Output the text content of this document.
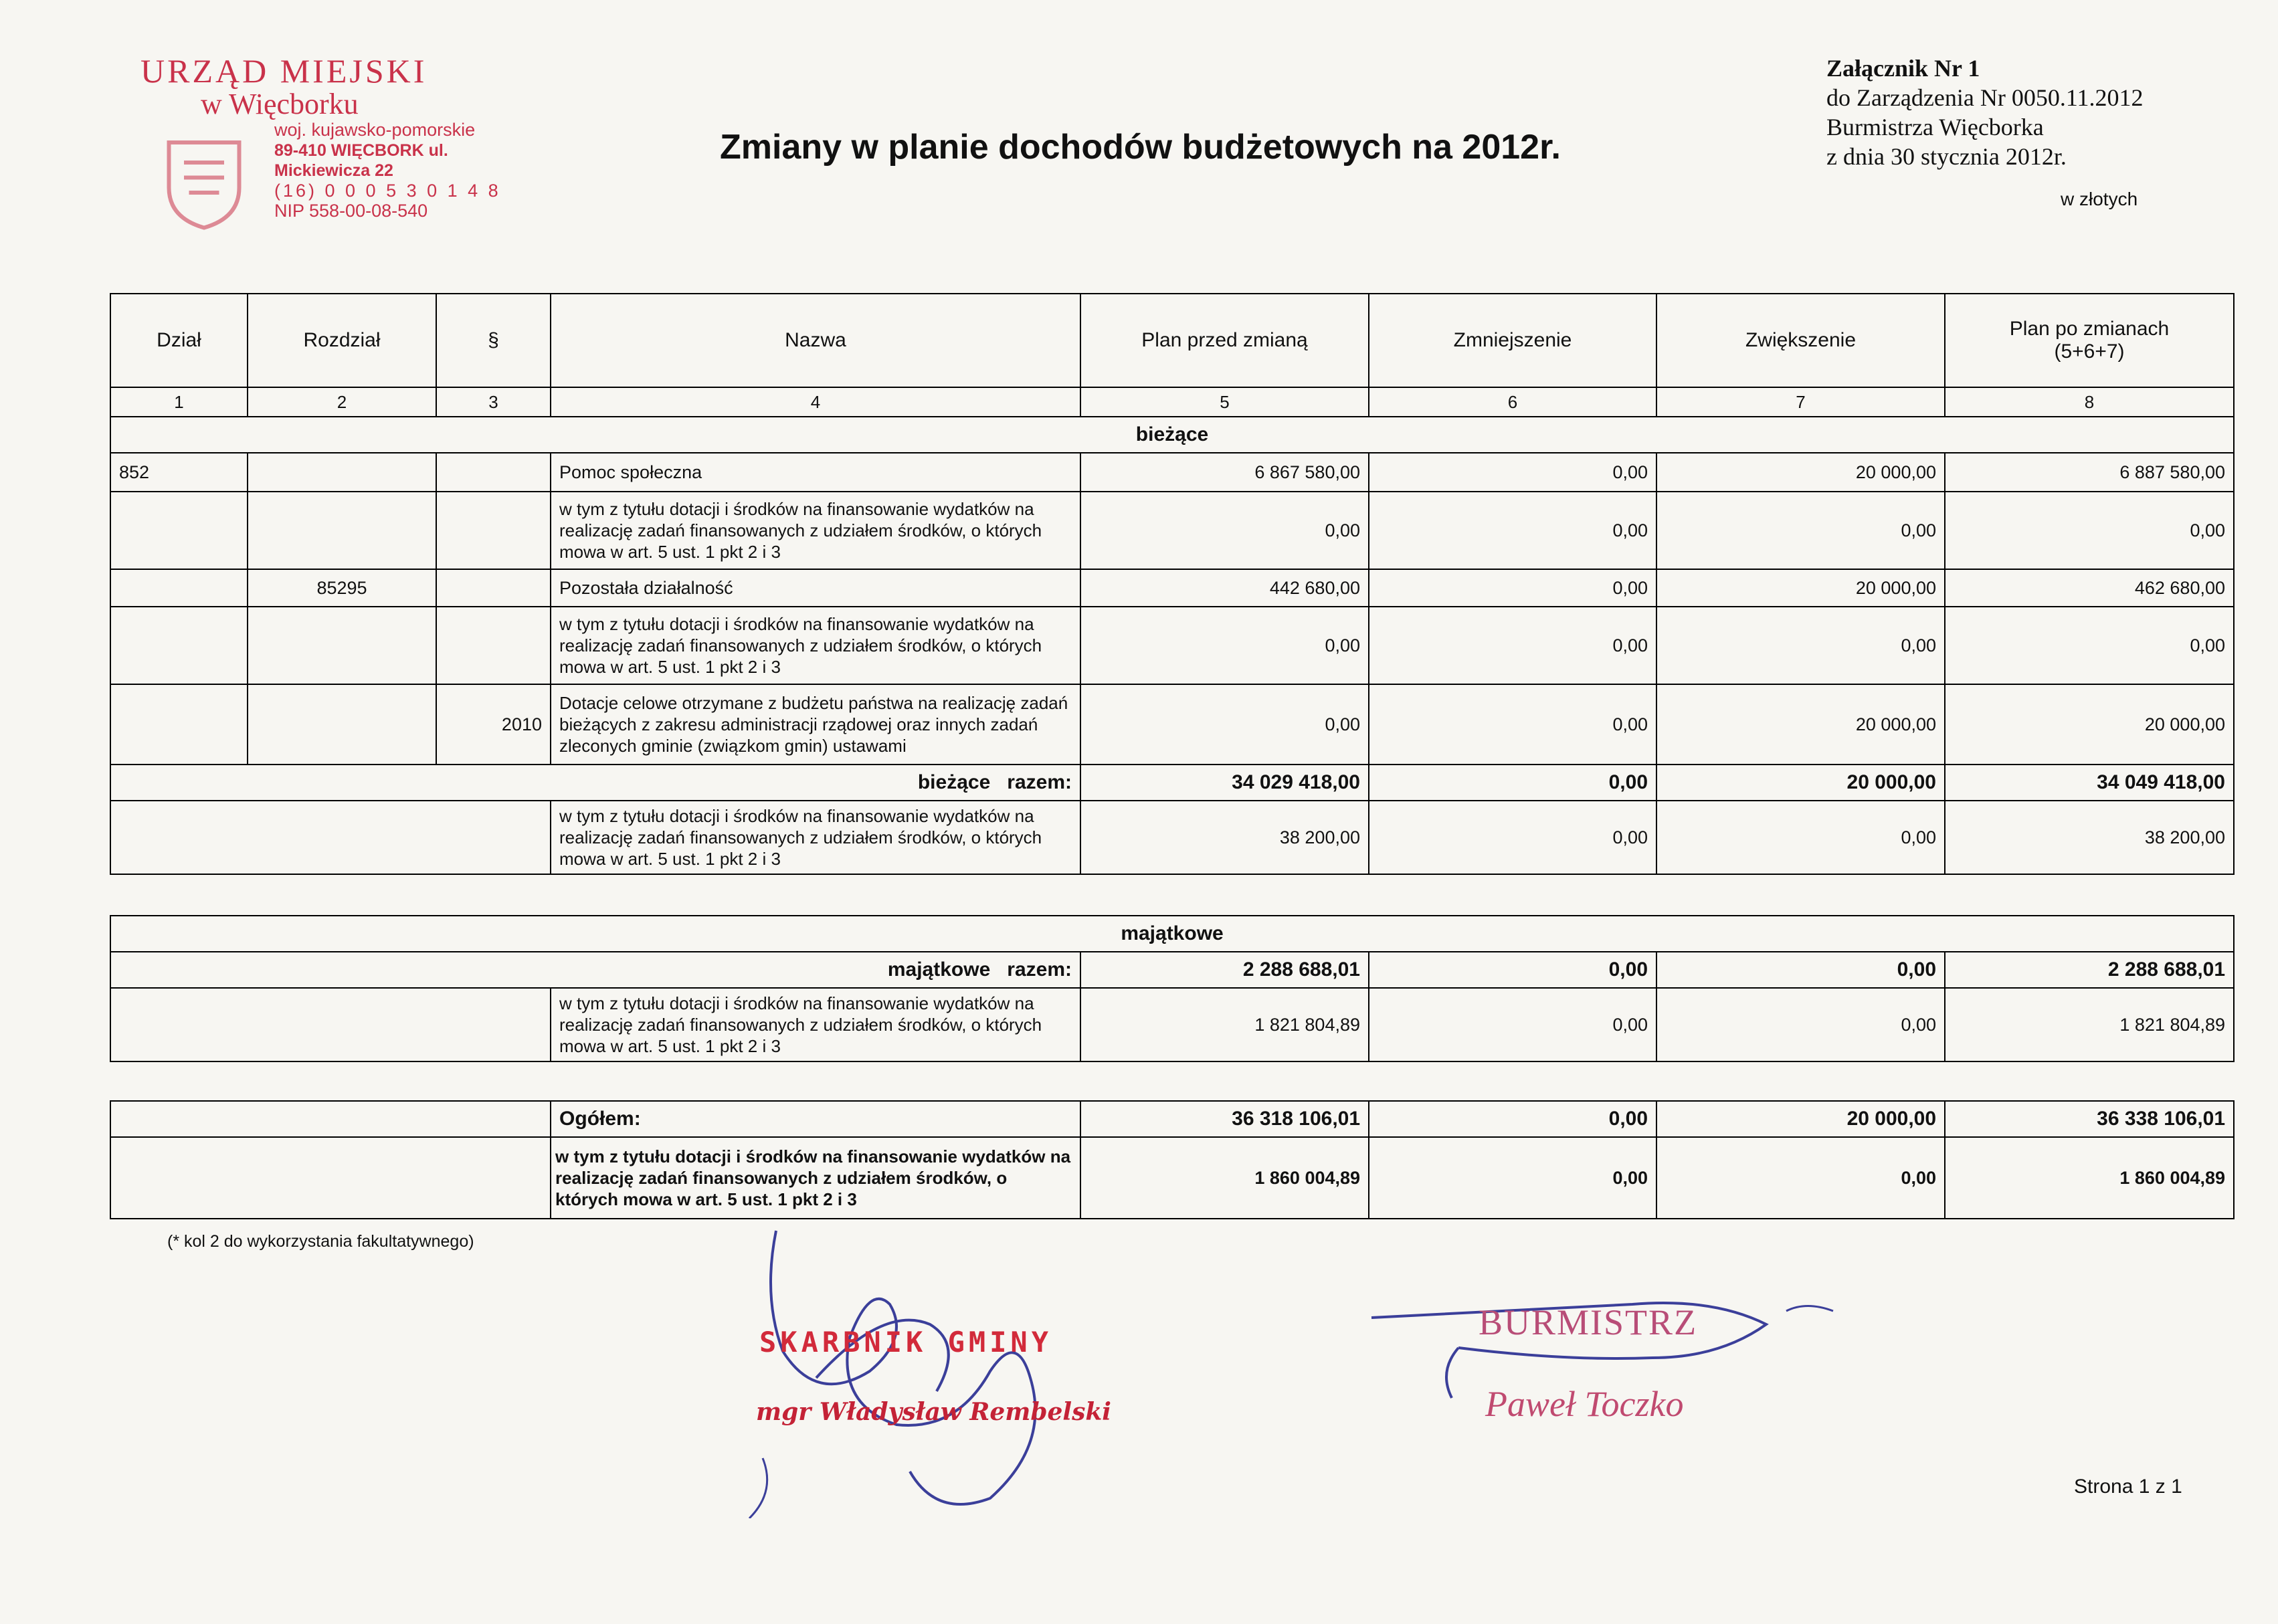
URZĄD MIEJSKI
w Więcborku
woj. kujawsko-pomorskie
89-410 WIĘCBORK ul. Mickiewicza 22
(16) 0 0 0 5 3 0 1 4 8
NIP 558-00-08-540
Zmiany w planie dochodów budżetowych na 2012r.
Załącznik Nr 1
do Zarządzenia Nr 0050.11.2012
Burmistrza Więcborka
z dnia 30 stycznia 2012r.
w złotych
Dział	Rozdział	§	Nazwa	Plan przed zmianą	Zmniejszenie	Zwiększenie	Plan po zmianach
(5+6+7)

1	2	3	4	5	6	7	8
bieżące							
852			Pomoc społeczna	6 867 580,00	0,00	20 000,00	6 887 580,00
			w tym z tytułu dotacji i środków na finansowanie wydatków na realizację zadań finansowanych z udziałem środków, o których mowa w art. 5 ust. 1 pkt 2 i 3	0,00	0,00	0,00	0,00
	85295		Pozostała działalność	442 680,00	0,00	20 000,00	462 680,00
			w tym z tytułu dotacji i środków na finansowanie wydatków na realizację zadań finansowanych z udziałem środków, o których mowa w art. 5 ust. 1 pkt 2 i 3	0,00	0,00	0,00	0,00
		2010	Dotacje celowe otrzymane z budżetu państwa na realizację zadań bieżących z zakresu administracji rządowej oraz innych zadań zleconych gminie (związkom gmin) ustawami	0,00	0,00	20 000,00	20 000,00
bieżące razem:				34 029 418,00	0,00	20 000,00	34 049 418,00
			w tym z tytułu dotacji i środków na finansowanie wydatków na realizację zadań finansowanych z udziałem środków, o których mowa w art. 5 ust. 1 pkt 2 i 3	38 200,00	0,00	0,00	38 200,00
majątkowe					
majątkowe razem:		2 288 688,01	0,00	0,00	2 288 688,01
	w tym z tytułu dotacji i środków na finansowanie wydatków na realizację zadań finansowanych z udziałem środków, o których mowa w art. 5 ust. 1 pkt 2 i 3	1 821 804,89	0,00	0,00	1 821 804,89
	Ogółem:	36 318 106,01	0,00	20 000,00	36 338 106,01
	w tym z tytułu dotacji i środków na finansowanie wydatków na realizację zadań finansowanych z udziałem środków, o których mowa w art. 5 ust. 1 pkt 2 i 3	1 860 004,89	0,00	0,00	1 860 004,89
(* kol 2 do wykorzystania fakultatywnego)
SKARBNIK GMINY
mgr Władysław Rembelski
BURMISTRZ
Paweł Toczko
Strona 1 z 1
